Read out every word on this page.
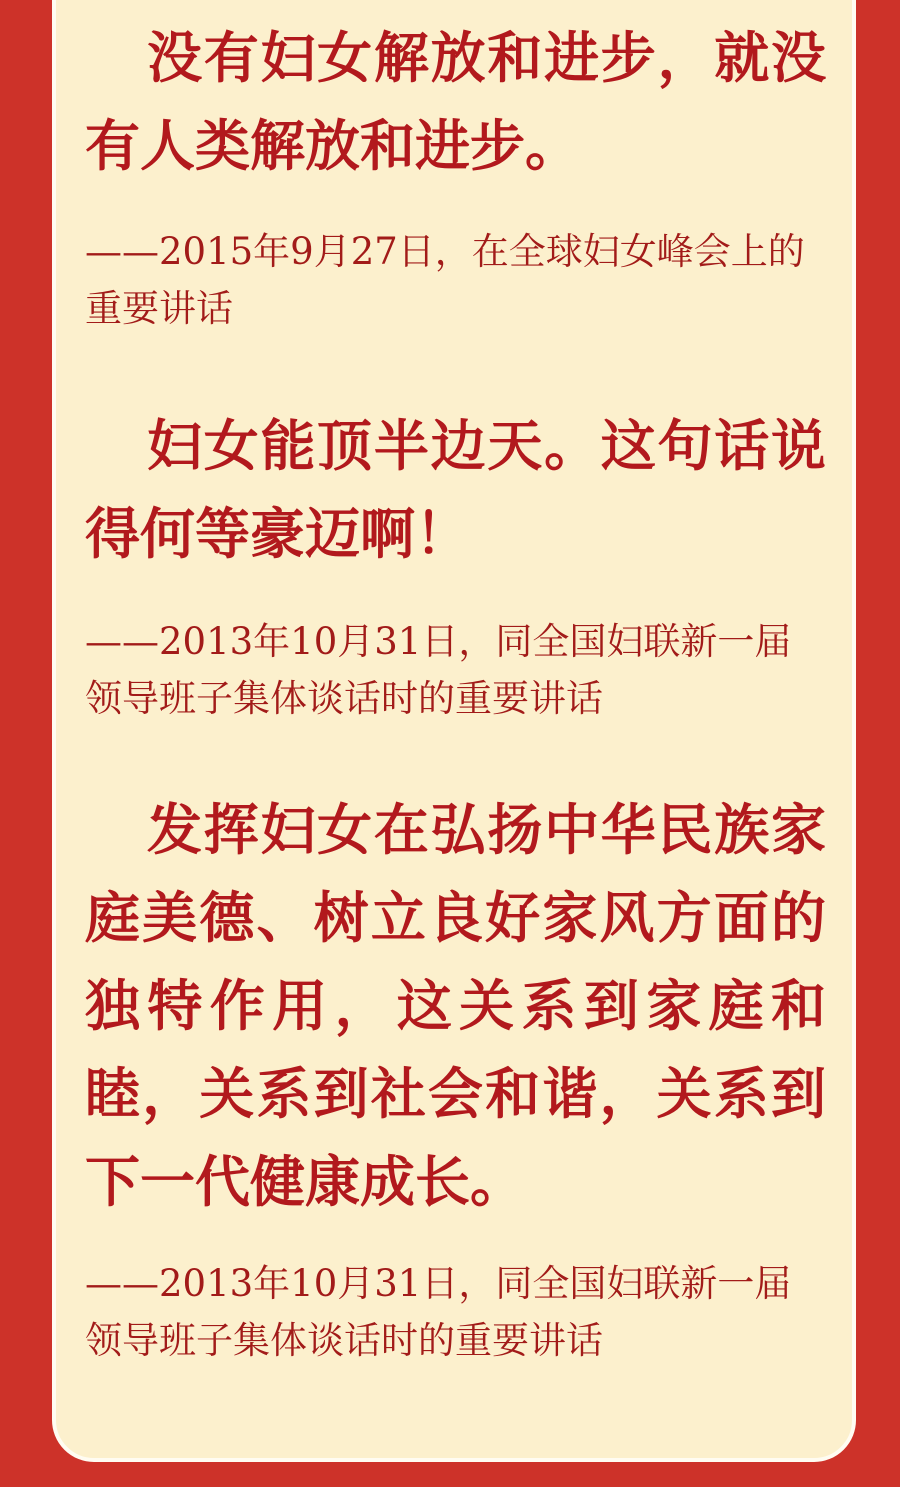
没有妇女解放和进步，就没有人类解放和进步。

——2015年9月27日，在全球妇女峰会上的重要讲话

妇女能顶半边天。这句话说得何等豪迈啊！

——2013年10月31日，同全国妇联新一届领导班子集体谈话时的重要讲话

发挥妇女在弘扬中华民族家庭美德、树立良好家风方面的独特作用，这关系到家庭和睦，关系到社会和谐，关系到下一代健康成长。

——2013年10月31日，同全国妇联新一届领导班子集体谈话时的重要讲话
